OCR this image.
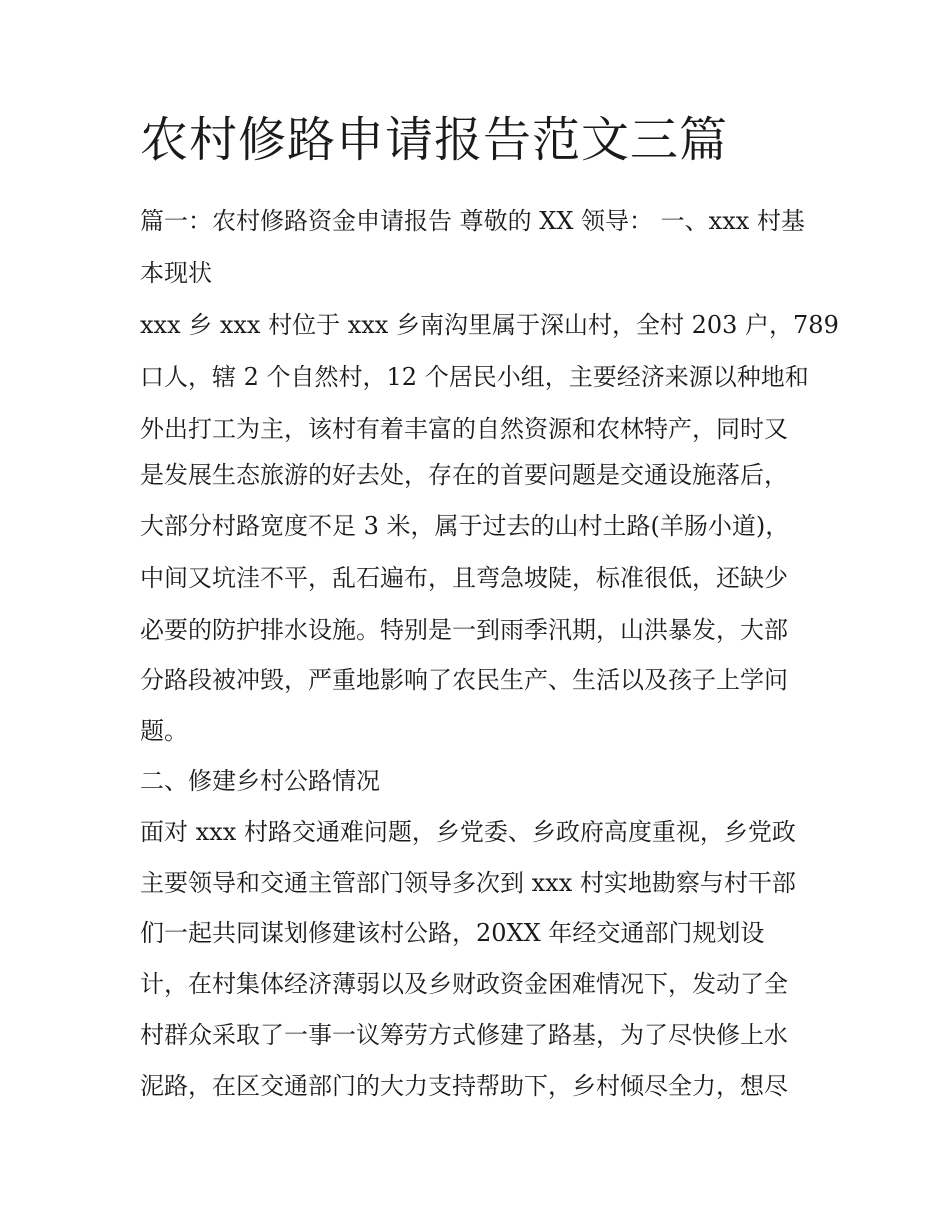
农村修路申请报告范文三篇

篇一：农村修路资金申请报告 尊敬的 XX 领导： 一、xxx 村基

本现状

xxx 乡 xxx 村位于 xxx 乡南沟里属于深山村，全村 203 户，789

口人，辖 2 个自然村，12 个居民小组，主要经济来源以种地和

外出打工为主，该村有着丰富的自然资源和农林特产，同时又

是发展生态旅游的好去处，存在的首要问题是交通设施落后，

大部分村路宽度不足 3 米，属于过去的山村土路(羊肠小道)，

中间又坑洼不平，乱石遍布，且弯急坡陡，标准很低，还缺少

必要的防护排水设施。特别是一到雨季汛期，山洪暴发，大部

分路段被冲毁，严重地影响了农民生产、生活以及孩子上学问

题。

二、修建乡村公路情况

面对 xxx 村路交通难问题，乡党委、乡政府高度重视，乡党政

主要领导和交通主管部门领导多次到 xxx 村实地勘察与村干部

们一起共同谋划修建该村公路，20XX 年经交通部门规划设

计，在村集体经济薄弱以及乡财政资金困难情况下，发动了全

村群众采取了一事一议筹劳方式修建了路基，为了尽快修上水

泥路，在区交通部门的大力支持帮助下，乡村倾尽全力，想尽
